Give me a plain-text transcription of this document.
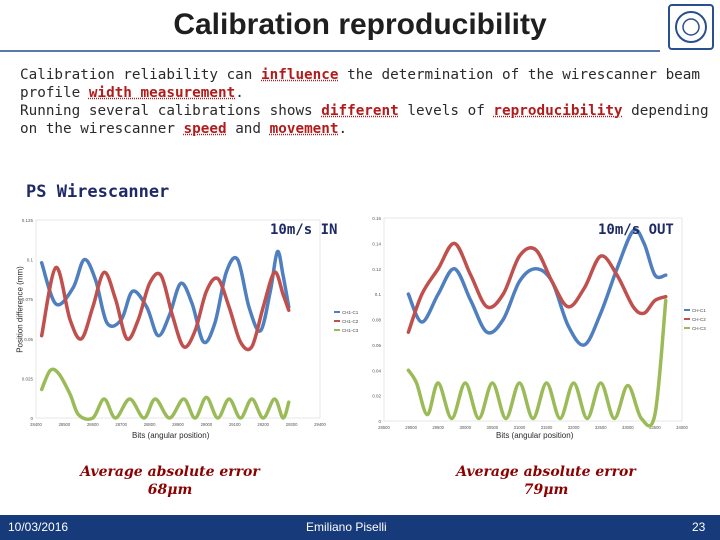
Calibration reproducibility
Calibration reliability can influence the determination of the wirescanner beam
profile width measurement.
Running several calibrations shows different levels of reproducibility depending
on the wirescanner speed and movement.
PS Wirescanner
Position difference (mm)
0
0.025
0.05
0.075
0.1
0.125
28400	28500	28600	28700	28800	28900	29000	29100	29200	29300	29400
CH1-C1
CH1-C2
CH1-C3
0
0.02
0.04
0.06
0.08
0.1
0.12
0.14
0.16
28500	29000	29500	30000	30500	31000	31500	32000	32500	33000	33500	34000
CH-C1
CH-C2
CH-C3
10m/s IN	10m/s OUT
Bits (angular position)	Bits (angular position)
Average absolute error
68μm
Average absolute error
79μm
10/03/2016	Emiliano Piselli	23
